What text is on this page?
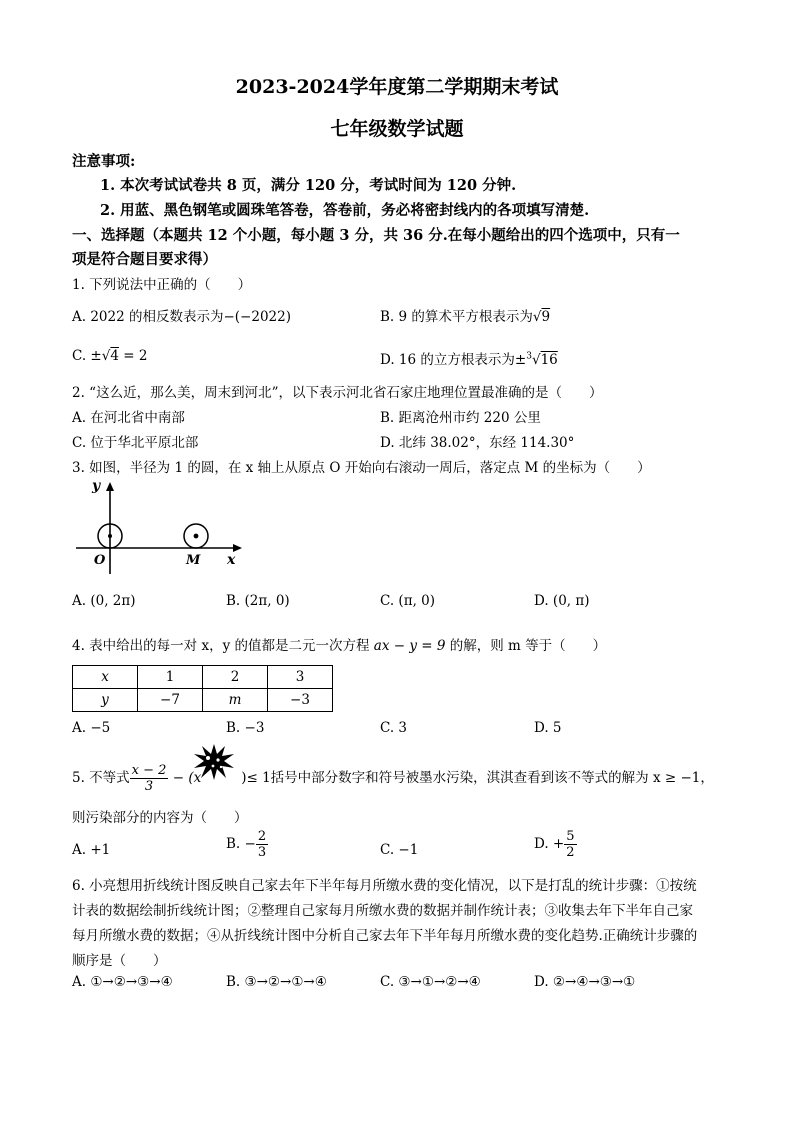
2023-2024学年度第二学期期末考试
七年级数学试题
注意事项:
1. 本次考试试卷共 8 页，满分 120 分，考试时间为 120 分钟.
2. 用蓝、黑色钢笔或圆珠笔答卷，答卷前，务必将密封线内的各项填写清楚.
一、选择题（本题共 12 个小题，每小题 3 分，共 36 分.在每小题给出的四个选项中，只有一
项是符合题目要求得）
1. 下列说法中正确的（　　）
A. 2022 的相反数表示为−(−2022)	B. 9 的算术平方根表示为√9
C. ±√4 = 2	D. 16 的立方根表示为±$^3$√16
2. “这么近，那么美，周末到河北”，以下表示河北省石家庄地理位置最准确的是（　　）
A. 在河北省中南部	B. 距离沧州市约 220 公里
C. 位于华北平原北部	D. 北纬 38.02°，东经 114.30°
3. 如图，半径为 1 的圆，在 x 轴上从原点 O 开始向右滚动一周后，落定点 M 的坐标为（　　）
y
x
O	M
A. (0, 2π)	B. (2π, 0)	C. (π, 0)	D. (0, π)
4. 表中给出的每一对 x，y 的值都是二元一次方程 ax − y = 9 的解，则 m 等于（　　）
x	1	2	3
y	−7	m	−3
A. −5	B. −3	C. 3	D. 5
5. 不等式 $\frac{x - 2}{3} - (x$	)≤ 1括号中部分数字和符号被墨水污染，淇淇查看到该不等式的解为 x ≥ −1，
则污染部分的内容为（　　）
A. +1	B. − $\frac{2}{3}$	C. −1	D. + $\frac{5}{2}$
6. 小亮想用折线统计图反映自己家去年下半年每月所缴水费的变化情况，以下是打乱的统计步骤：①按统
计表的数据绘制折线统计图；②整理自己家每月所缴水费的数据并制作统计表；③收集去年下半年自己家
每月所缴水费的数据；④从折线统计图中分析自己家去年下半年每月所缴水费的变化趋势.正确统计步骤的
顺序是（　　）
A. ①→②→③→④	B. ③→②→①→④	C. ③→①→②→④	D. ②→④→③→①
